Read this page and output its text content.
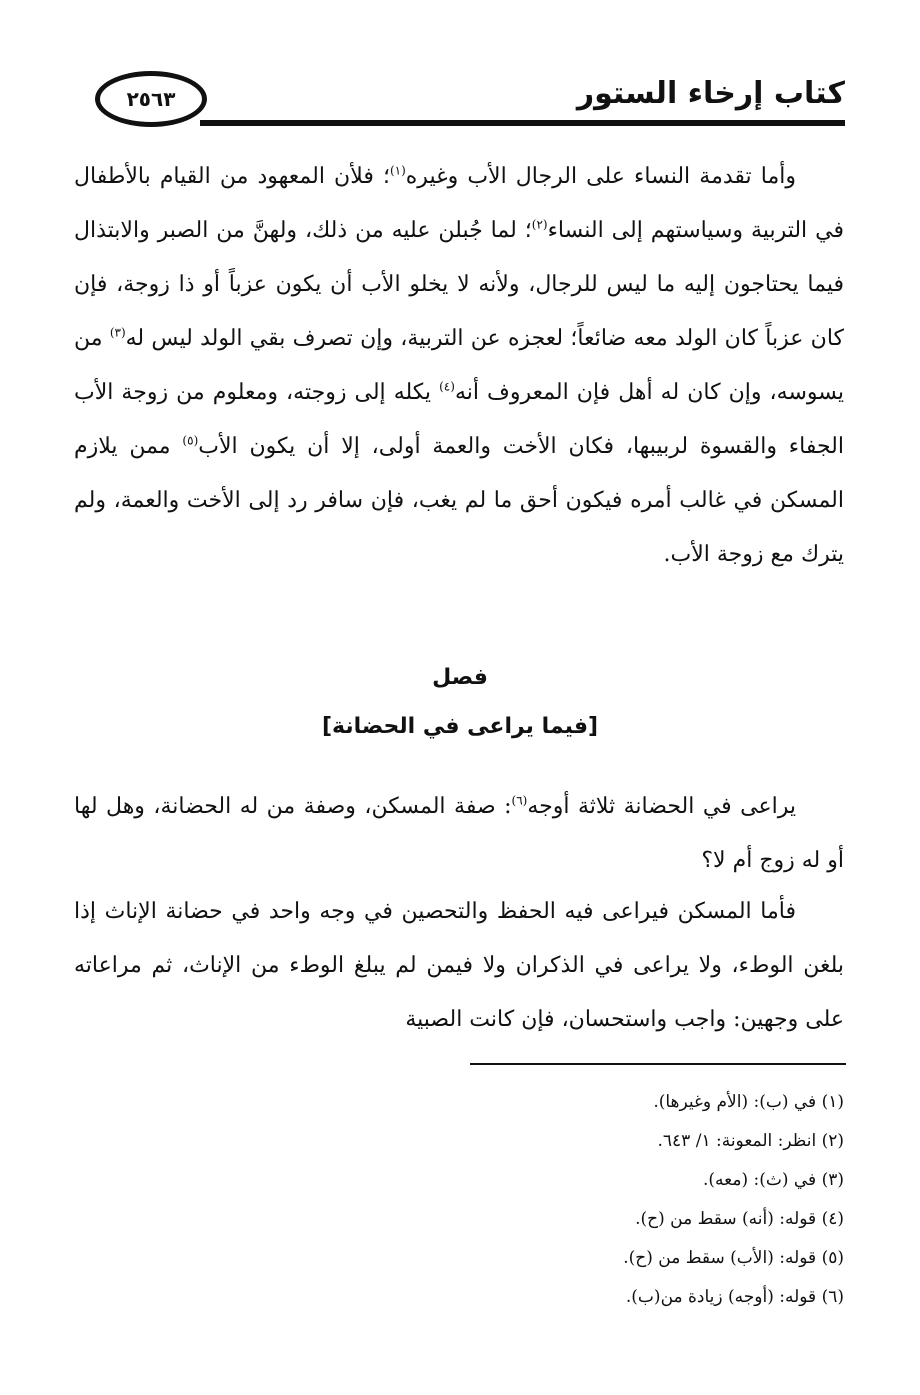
كتاب إرخاء الستور
٢٥٦٣

وأما تقدمة النساء على الرجال الأب وغيره$^{(١)}$؛ فلأن المعهود من القيام بالأطفال في التربية وسياستهم إلى النساء$^{(٢)}$؛ لما جُبلن عليه من ذلك، ولهنَّ من الصبر والابتذال فيما يحتاجون إليه ما ليس للرجال، ولأنه لا يخلو الأب أن يكون عزباً أو ذا زوجة، فإن كان عزباً كان الولد معه ضائعاً؛ لعجزه عن التربية، وإن تصرف بقي الولد ليس له$^{(٣)}$ من يسوسه، وإن كان له أهل فإن المعروف أنه$^{(٤)}$ يكله إلى زوجته، ومعلوم من زوجة الأب الجفاء والقسوة لربيبها، فكان الأخت والعمة أولى، إلا أن يكون الأب$^{(٥)}$ ممن يلازم المسكن في غالب أمره فيكون أحق ما لم يغب، فإن سافر رد إلى الأخت والعمة، ولم يترك مع زوجة الأب.

فصل
[فيما يراعى في الحضانة]

يراعى في الحضانة ثلاثة أوجه$^{(٦)}$: صفة المسكن، وصفة من له الحضانة، وهل لها أو له زوج أم لا؟

فأما المسكن فيراعى فيه الحفظ والتحصين في وجه واحد في حضانة الإناث إذا بلغن الوطء، ولا يراعى في الذكران ولا فيمن لم يبلغ الوطء من الإناث، ثم مراعاته على وجهين: واجب واستحسان، فإن كانت الصبية

(١) في (ب): (الأم وغيرها).
(٢) انظر: المعونة: ١/ ٦٤٣.
(٣) في (ث): (معه).
(٤) قوله: (أنه) سقط من (ح).
(٥) قوله: (الأب) سقط من (ح).
(٦) قوله: (أوجه) زيادة من(ب).
